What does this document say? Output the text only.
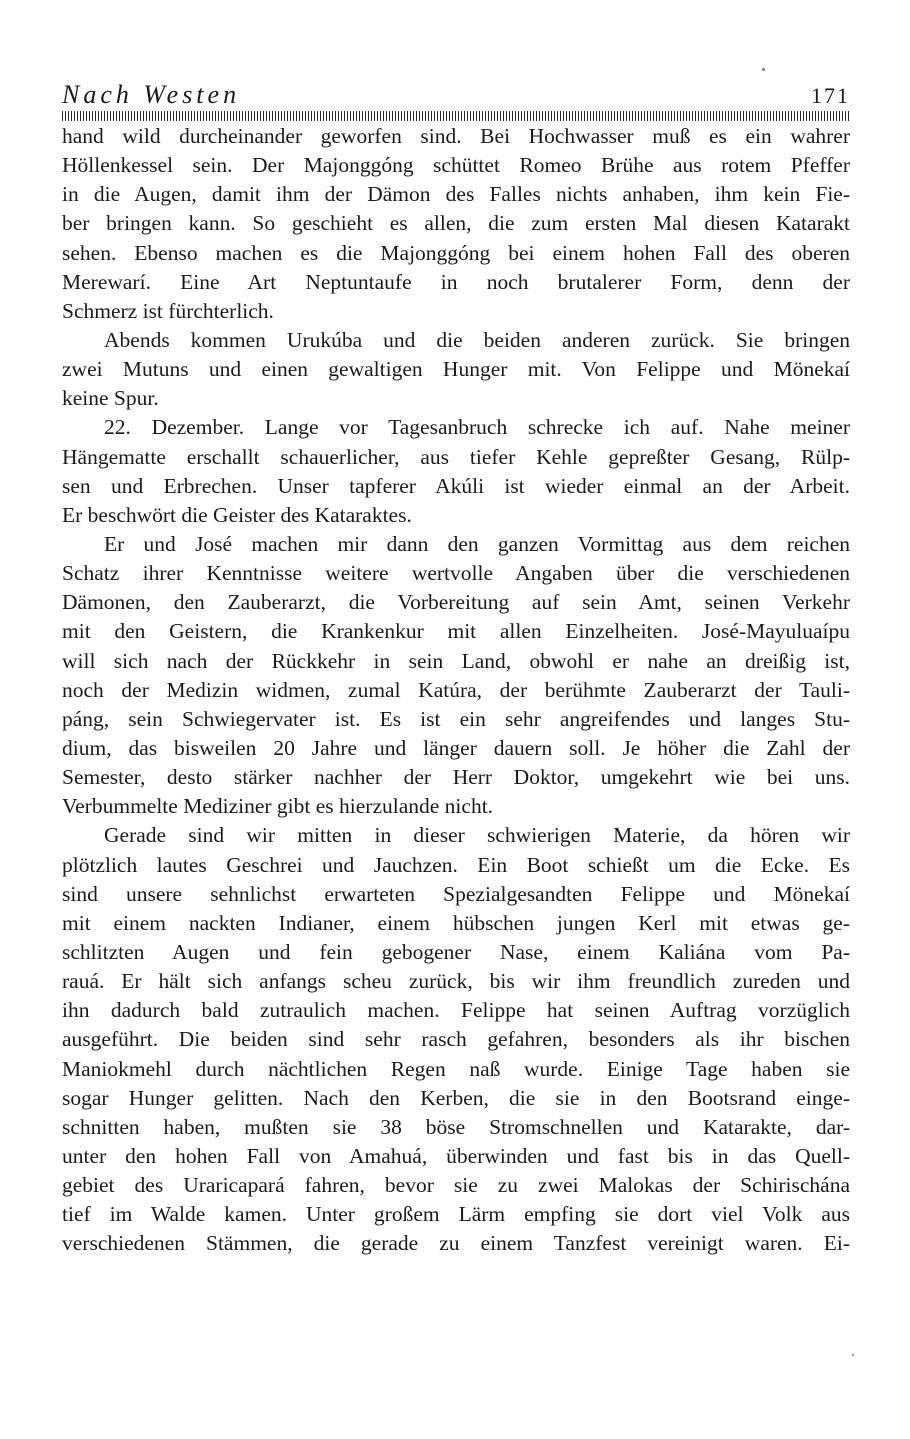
Nach Westen	171
hand wild durcheinander geworfen sind. Bei Hochwasser muß es ein wahrer
Höllenkessel sein. Der Majonggóng schüttet Romeo Brühe aus rotem Pfeffer
in die Augen, damit ihm der Dämon des Falles nichts anhaben, ihm kein Fie-
ber bringen kann. So geschieht es allen, die zum ersten Mal diesen Katarakt
sehen. Ebenso machen es die Majonggóng bei einem hohen Fall des oberen
Merewarí. Eine Art Neptuntaufe in noch brutalerer Form, denn der
Schmerz ist fürchterlich.
Abends kommen Urukúba und die beiden anderen zurück. Sie bringen
zwei Mutuns und einen gewaltigen Hunger mit. Von Felippe und Mönekaí
keine Spur.
22. Dezember. Lange vor Tagesanbruch schrecke ich auf. Nahe meiner
Hängematte erschallt schauerlicher, aus tiefer Kehle gepreßter Gesang, Rülp-
sen und Erbrechen. Unser tapferer Akúli ist wieder einmal an der Arbeit.
Er beschwört die Geister des Kataraktes.
Er und José machen mir dann den ganzen Vormittag aus dem reichen
Schatz ihrer Kenntnisse weitere wertvolle Angaben über die verschiedenen
Dämonen, den Zauberarzt, die Vorbereitung auf sein Amt, seinen Verkehr
mit den Geistern, die Krankenkur mit allen Einzelheiten. José-Mayuluaípu
will sich nach der Rückkehr in sein Land, obwohl er nahe an dreißig ist,
noch der Medizin widmen, zumal Katúra, der berühmte Zauberarzt der Tauli-
páng, sein Schwiegervater ist. Es ist ein sehr angreifendes und langes Stu-
dium, das bisweilen 20 Jahre und länger dauern soll. Je höher die Zahl der
Semester, desto stärker nachher der Herr Doktor, umgekehrt wie bei uns.
Verbummelte Mediziner gibt es hierzulande nicht.
Gerade sind wir mitten in dieser schwierigen Materie, da hören wir
plötzlich lautes Geschrei und Jauchzen. Ein Boot schießt um die Ecke. Es
sind unsere sehnlichst erwarteten Spezialgesandten Felippe und Mönekaí
mit einem nackten Indianer, einem hübschen jungen Kerl mit etwas ge-
schlitzten Augen und fein gebogener Nase, einem Kaliána vom Pa-
rauá. Er hält sich anfangs scheu zurück, bis wir ihm freundlich zureden und
ihn dadurch bald zutraulich machen. Felippe hat seinen Auftrag vorzüglich
ausgeführt. Die beiden sind sehr rasch gefahren, besonders als ihr bischen
Maniokmehl durch nächtlichen Regen naß wurde. Einige Tage haben sie
sogar Hunger gelitten. Nach den Kerben, die sie in den Bootsrand einge-
schnitten haben, mußten sie 38 böse Stromschnellen und Katarakte, dar-
unter den hohen Fall von Amahuá, überwinden und fast bis in das Quell-
gebiet des Uraricapará fahren, bevor sie zu zwei Malokas der Schirischána
tief im Walde kamen. Unter großem Lärm empfing sie dort viel Volk aus
verschiedenen Stämmen, die gerade zu einem Tanzfest vereinigt waren. Ei-
